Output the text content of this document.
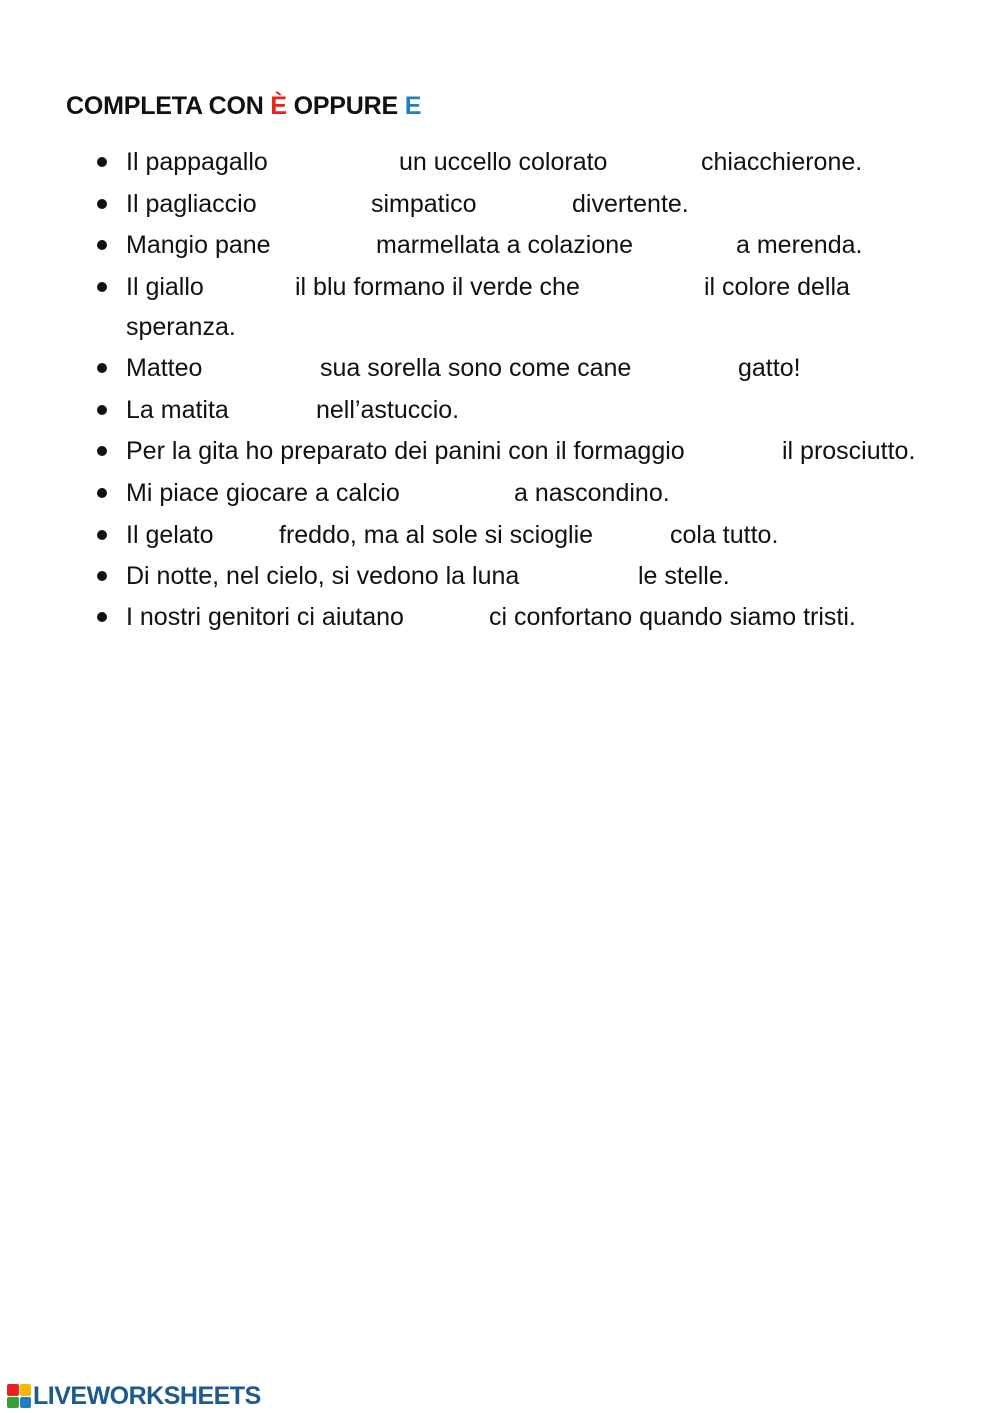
COMPLETA CON È OPPURE E
Il pappagallo	un uccello colorato	chiacchierone.
Il pagliaccio	simpatico	divertente.
Mangio pane	marmellata a colazione	a merenda.
Il giallo	il blu formano il verde che	il colore della
speranza.
Matteo	sua sorella sono come cane	gatto!
La matita	nell’astuccio.
Per la gita ho preparato dei panini con il formaggio	il prosciutto.
Mi piace giocare a calcio	a nascondino.
Il gelato	freddo, ma al sole si scioglie	cola tutto.
Di notte, nel cielo, si vedono la luna	le stelle.
I nostri genitori ci aiutano	ci confortano quando siamo tristi.
LIVEWORKSHEETS
